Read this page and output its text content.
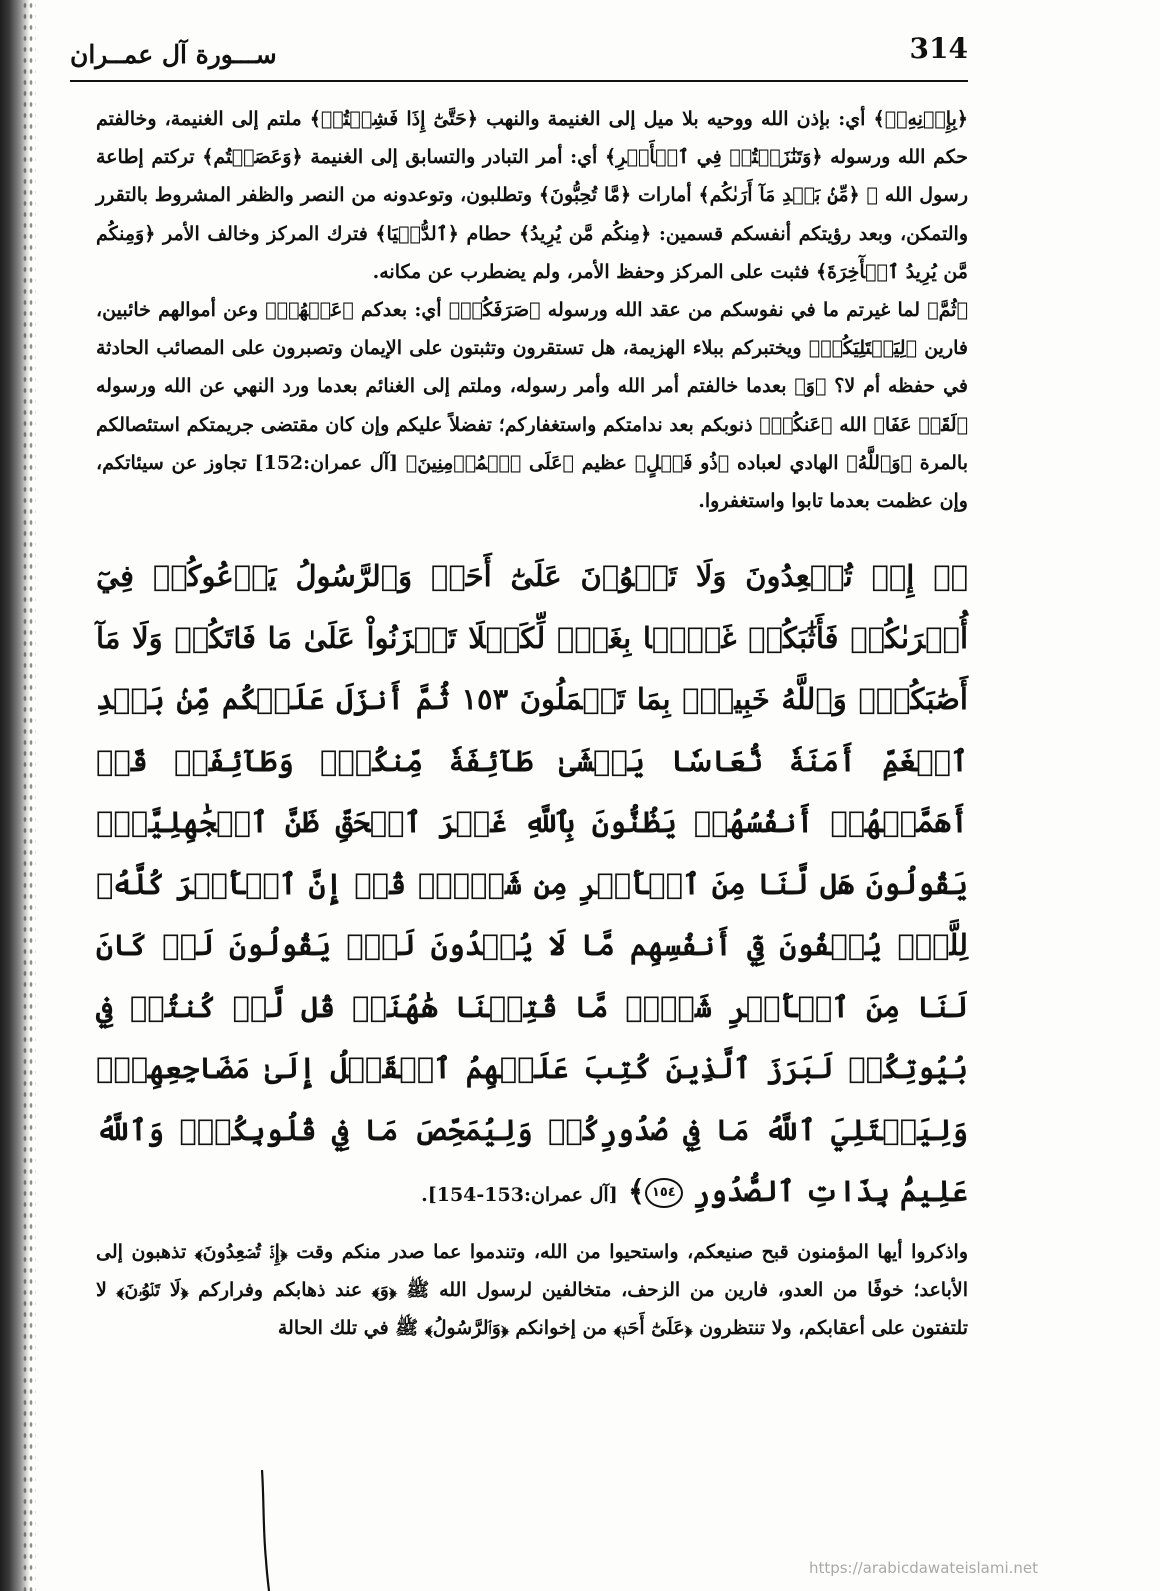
314
ســـورة آل عمــران

﴿بِإِذۡنِهِۦٓ﴾ أي: بإذن الله ووحيه بلا ميل إلى الغنيمة والنهب ﴿حَتَّىٰٓ إِذَا فَشِلۡتُمۡ﴾ ملتم إلى الغنيمة، وخالفتم حكم الله ورسوله ﴿وَتَنَٰزَعۡتُمۡ فِي ٱلۡأَمۡرِ﴾ أي: أمر التبادر والتسابق إلى الغنيمة ﴿وَعَصَيۡتُم﴾ تركتم إطاعة رسول الله ﷺ ﴿مِّنۢ بَعۡدِ مَآ أَرَىٰكُم﴾ أمارات ﴿مَّا تُحِبُّونَ﴾ وتطلبون، وتوعدونه من النصر والظفر المشروط بالتقرر والتمكن، وبعد رؤيتكم أنفسكم قسمين: ﴿مِنكُم مَّن يُرِيدُ﴾ حطام ﴿ٱلدُّنۡيَا﴾ فترك المركز وخالف الأمر ﴿وَمِنكُم مَّن يُرِيدُ ٱلۡأٓخِرَةَ﴾ فثبت على المركز وحفظ الأمر، ولم يضطرب عن مكانه.

﴿ثُمَّ﴾ لما غيرتم ما في نفوسكم من عقد الله ورسوله ﴿صَرَفَكُمۡ﴾ أي: بعدكم ﴿عَنۡهُمۡ﴾ وعن أموالهم خائبين، فارين ﴿لِيَبۡتَلِيَكُمۡ﴾ ويختبركم ببلاء الهزيمة، هل تستقرون وتثبتون على الإيمان وتصبرون على المصائب الحادثة في حفظه أم لا؟ ﴿وَ﴾ بعدما خالفتم أمر الله وأمر رسوله، وملتم إلى الغنائم بعدما ورد النهي عن الله ورسوله ﴿لَقَدۡ عَفَا﴾ الله ﴿عَنكُمۡ﴾ ذنوبكم بعد ندامتكم واستغفاركم؛ تفضلاً عليكم وإن كان مقتضى جريمتكم استئصالكم بالمرة ﴿وَٱللَّهُ﴾ الهادي لعباده ﴿ذُو فَضۡلٍ﴾ عظيم ﴿عَلَى ٱلۡمُؤۡمِنِينَ﴾ [آل عمران:152] تجاوز عن سيئاتكم، وإن عظمت بعدما تابوا واستغفروا.

﴿۞ إِذۡ تُصۡعِدُونَ وَلَا تَلۡوُۥنَ عَلَىٰٓ أَحَدٖ وَٱلرَّسُولُ يَدۡعُوكُمۡ فِيٓ أُخۡرَىٰكُمۡ فَأَثَٰبَكُمۡ غَمَّۢا بِغَمّٖ لِّكَيۡلَا تَحۡزَنُواْ عَلَىٰ مَا فَاتَكُمۡ وَلَا مَآ أَصَٰبَكُمۡۗ وَٱللَّهُ خَبِيرُۢ بِمَا تَعۡمَلُونَ ١٥٣ ثُمَّ أَنزَلَ عَلَيۡكُم مِّنۢ بَعۡدِ ٱلۡغَمِّ أَمَنَةٗ نُّعَاسٗا يَغۡشَىٰ طَآئِفَةٗ مِّنكُمۡۖ وَطَآئِفَةٞ قَدۡ أَهَمَّتۡهُمۡ أَنفُسُهُمۡ يَظُنُّونَ بِٱللَّهِ غَيۡرَ ٱلۡحَقِّ ظَنَّ ٱلۡجَٰهِلِيَّةِۖ يَقُولُونَ هَل لَّنَا مِنَ ٱلۡأَمۡرِ مِن شَيۡءٖۗ قُلۡ إِنَّ ٱلۡأَمۡرَ كُلَّهُۥ لِلَّهِۗ يُخۡفُونَ فِيٓ أَنفُسِهِم مَّا لَا يُبۡدُونَ لَكَۖ يَقُولُونَ لَوۡ كَانَ لَنَا مِنَ ٱلۡأَمۡرِ شَيۡءٞ مَّا قُتِلۡنَا هَٰهُنَاۗ قُل لَّوۡ كُنتُمۡ فِي بُيُوتِكُمۡ لَبَرَزَ ٱلَّذِينَ كُتِبَ عَلَيۡهِمُ ٱلۡقَتۡلُ إِلَىٰ مَضَاجِعِهِمۡۖ وَلِيَبۡتَلِيَ ٱللَّهُ مَا فِي صُدُورِكُمۡ وَلِيُمَحِّصَ مَا فِي قُلُوبِكُمۡۚ وَٱللَّهُ عَلِيمُۢ بِذَاتِ ٱلصُّدُورِ ١٥٤﴾ [آل عمران:153-154].

واذكروا أيها المؤمنون قبح صنيعكم، واستحيوا من الله، وتندموا عما صدر منكم وقت ﴿إِذۡ تُصۡعِدُونَ﴾ تذهبون إلى الأباعد؛ خوفًا من العدو، فارين من الزحف، متخالفين لرسول الله ﷺ ﴿وَ﴾ عند ذهابكم وفراركم ﴿لَا تَلۡوُۥنَ﴾ لا تلتفتون على أعقابكم، ولا تنتظرون ﴿عَلَىٰٓ أَحَدٖ﴾ من إخوانكم ﴿وَٱلرَّسُولُ﴾ ﷺ في تلك الحالة

https://arabicdawateislami.net
